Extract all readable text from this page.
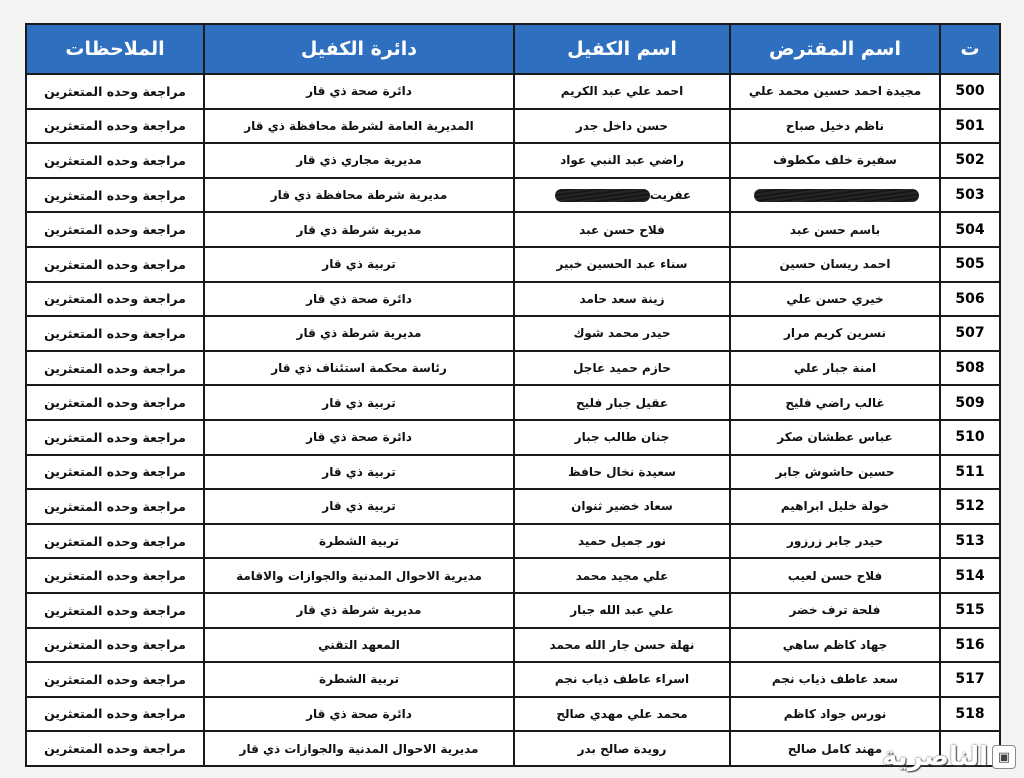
ت	اسم المقترض	اسم الكفيل	دائرة الكفيل	الملاحظات
500	مجيدة احمد حسين محمد علي	احمد علي عبد الكريم	دائرة صحة ذي قار	مراجعة وحده المتعثرين
501	ناظم دخيل صباح	حسن داخل جدر	المديرية العامة لشرطة محافظة ذي قار	مراجعة وحده المتعثرين
502	سفيرة خلف مكطوف	راضي عبد النبي عواد	مديرية مجاري ذي قار	مراجعة وحده المتعثرين
503		عفريت	مديرية شرطة محافظة ذي قار	مراجعة وحده المتعثرين
504	باسم حسن عبد	فلاح حسن عبد	مديرية شرطة ذي قار	مراجعة وحده المتعثرين
505	احمد ريسان حسين	سناء عبد الحسين خبير	تربية ذي قار	مراجعة وحده المتعثرين
506	خيري حسن علي	زينة سعد حامد	دائرة صحة ذي قار	مراجعة وحده المتعثرين
507	نسرين كريم مرار	حيدر محمد شوك	مديرية شرطة ذي قار	مراجعة وحده المتعثرين
508	امنة جبار علي	حازم حميد عاجل	رئاسة محكمة استئناف ذي قار	مراجعة وحده المتعثرين
509	غالب راضي فليح	عقيل جبار فليح	تربية ذي قار	مراجعة وحده المتعثرين
510	عباس عطشان صكر	جنان طالب جبار	دائرة صحة ذي قار	مراجعة وحده المتعثرين
511	حسين حاشوش جابر	سعيدة نخال حافظ	تربية ذي قار	مراجعة وحده المتعثرين
512	خولة خليل ابراهيم	سعاد خضير ثنوان	تربية ذي قار	مراجعة وحده المتعثرين
513	حيدر جابر زرزور	نور جميل حميد	تربية الشطرة	مراجعة وحده المتعثرين
514	فلاح حسن لعيب	علي مجيد محمد	مديرية الاحوال المدنية والجوازات والاقامة	مراجعة وحده المتعثرين
515	فلحة ترف خضر	علي عبد الله جبار	مديرية شرطة ذي قار	مراجعة وحده المتعثرين
516	جهاد كاظم ساهي	نهلة حسن جار الله محمد	المعهد التقني	مراجعة وحده المتعثرين
517	سعد عاطف ذياب نجم	اسراء عاطف ذياب نجم	تربية الشطرة	مراجعة وحده المتعثرين
518	نورس جواد كاظم	محمد علي مهدي صالح	دائرة صحة ذي قار	مراجعة وحده المتعثرين
	مهند كامل صالح	رويدة صالح بدر	مديرية الاحوال المدنية والجوازات ذي قار	مراجعة وحده المتعثرين
▣
الناصرية
